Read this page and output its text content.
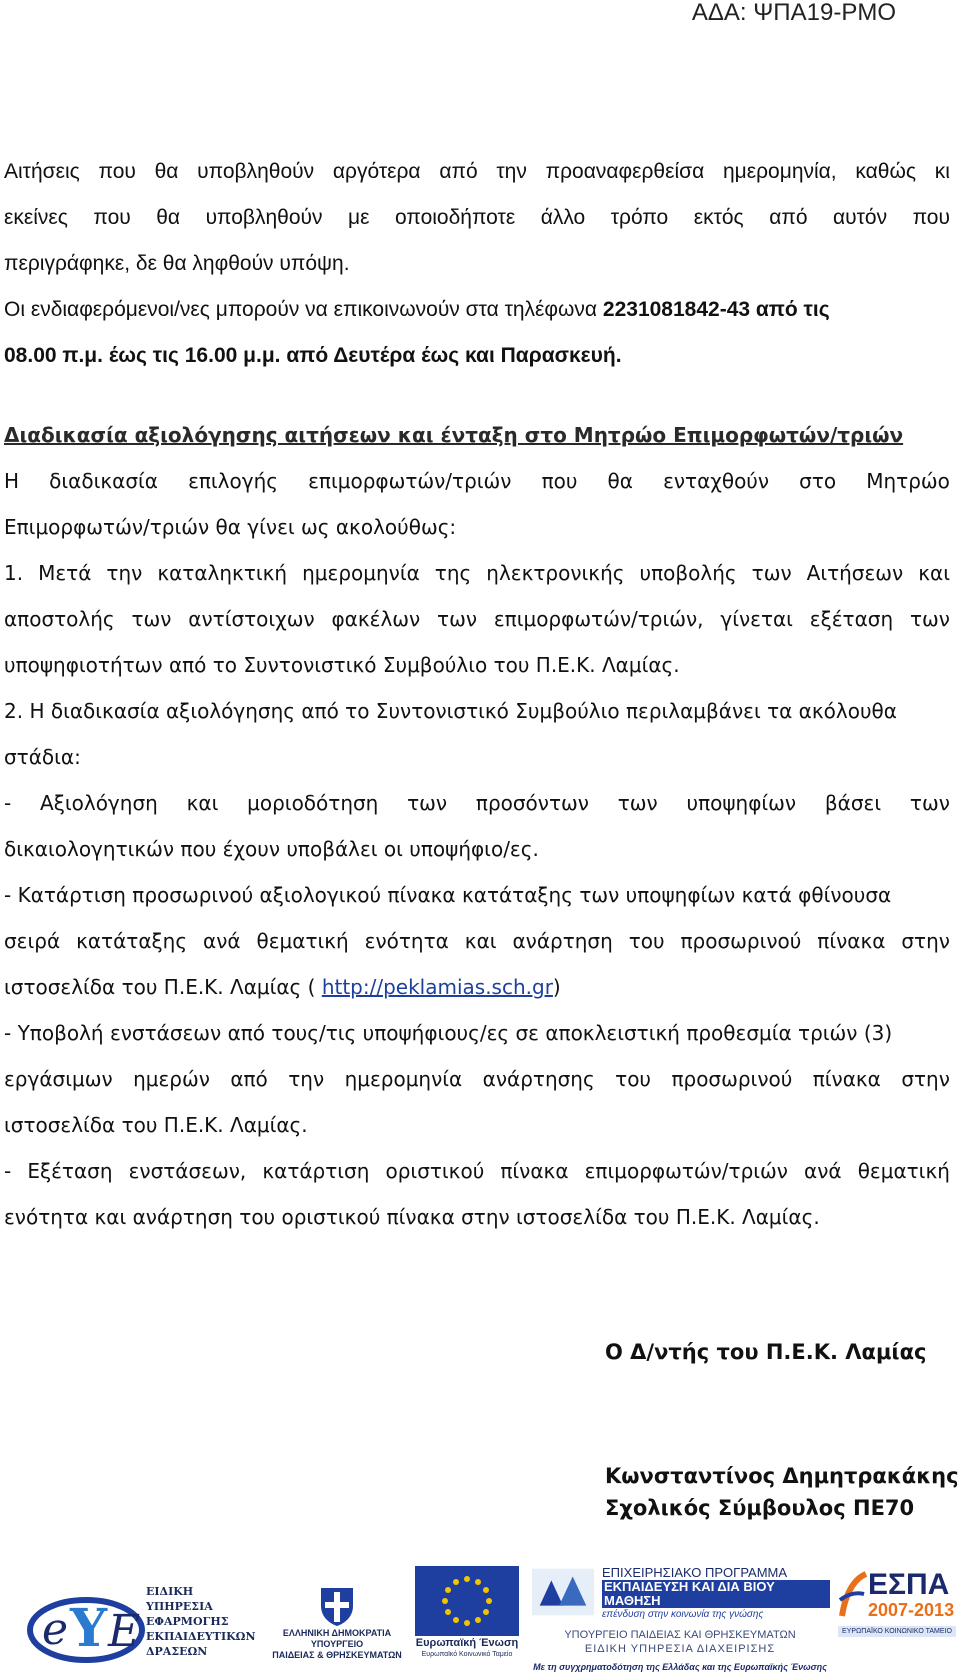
ΑΔΑ: ΨΠΑ19-ΡΜΟ
Αιτήσεις που θα υποβληθούν αργότερα από την προαναφερθείσα ημερομηνία, καθώς κι
εκείνες που θα υποβληθούν με οποιοδήποτε άλλο τρόπο εκτός από αυτόν που
περιγράφηκε, δε θα ληφθούν υπόψη.
Οι ενδιαφερόμενοι/νες μπορούν να επικοινωνούν στα τηλέφωνα 2231081842-43 από τις
08.00 π.μ. έως τις 16.00 μ.μ. από Δευτέρα έως και Παρασκευή.
Διαδικασία αξιολόγησης αιτήσεων και ένταξη στο Μητρώο Επιμορφωτών/τριών
Η διαδικασία επιλογής επιμορφωτών/τριών που θα ενταχθούν στο Μητρώο
Επιμορφωτών/τριών θα γίνει ως ακολούθως:
1. Μετά την καταληκτική ημερομηνία της ηλεκτρονικής υποβολής των Αιτήσεων και
αποστολής των αντίστοιχων φακέλων των επιμορφωτών/τριών, γίνεται εξέταση των
υποψηφιοτήτων από το Συντονιστικό Συμβούλιο του Π.Ε.Κ. Λαμίας.
2. Η διαδικασία αξιολόγησης από το Συντονιστικό Συμβούλιο περιλαμβάνει τα ακόλουθα
στάδια:
- Αξιολόγηση και μοριοδότηση των προσόντων των υποψηφίων βάσει των
δικαιολογητικών που έχουν υποβάλει οι υποψήφιο/ες.
- Κατάρτιση προσωρινού αξιολογικού πίνακα κατάταξης των υποψηφίων κατά φθίνουσα
σειρά κατάταξης ανά θεματική ενότητα και ανάρτηση του προσωρινού πίνακα στην
ιστοσελίδα του Π.Ε.Κ. Λαμίας ( http://peklamias.sch.gr)
- Υποβολή ενστάσεων από τους/τις υποψήφιους/ες σε αποκλειστική προθεσμία τριών (3)
εργάσιμων ημερών από την ημερομηνία ανάρτησης του προσωρινού πίνακα στην
ιστοσελίδα του Π.Ε.Κ. Λαμίας.
- Εξέταση ενστάσεων, κατάρτιση οριστικού πίνακα επιμορφωτών/τριών ανά θεματική
ενότητα και ανάρτηση του οριστικού πίνακα στην ιστοσελίδα του Π.Ε.Κ. Λαμίας.
Ο Δ/ντής του Π.Ε.Κ. Λαμίας
Κωνσταντίνος Δημητρακάκης
Σχολικός Σύμβουλος ΠΕ70
e Y E
ΕΙΔΙΚΗ
ΥΠΗΡΕΣΙΑ
ΕΦΑΡΜΟΓΗΣ
ΕΚΠΑΙΔΕΥΤΙΚΩΝ
ΔΡΑΣΕΩΝ
ΕΛΛΗΝΙΚΗ ΔΗΜΟΚΡΑΤΙΑ
ΥΠΟΥΡΓΕΙΟ
ΠΑΙΔΕΙΑΣ & ΘΡΗΣΚΕΥΜΑΤΩΝ
Ευρωπαϊκή Ένωση
Ευρωπαϊκό Κοινωνικό Ταμείο
ΕΠΙΧΕΙΡΗΣΙΑΚΟ ΠΡΟΓΡΑΜΜΑ
ΕΚΠΑΙΔΕΥΣΗ ΚΑΙ ΔΙΑ ΒΙΟΥ ΜΑΘΗΣΗ
επένδυση στην κοινωνία της γνώσης
ΥΠΟΥΡΓΕΙΟ ΠΑΙΔΕΙΑΣ ΚΑΙ ΘΡΗΣΚΕΥΜΑΤΩΝ
ΕΙΔΙΚΗ ΥΠΗΡΕΣΙΑ ΔΙΑΧΕΙΡΙΣΗΣ
Με τη συγχρηματοδότηση της Ελλάδας και της Ευρωπαϊκής Ένωσης
ΕΣΠΑ
2007-2013
ΕΥΡΩΠΑΪΚΟ ΚΟΙΝΩΝΙΚΟ ΤΑΜΕΙΟ
